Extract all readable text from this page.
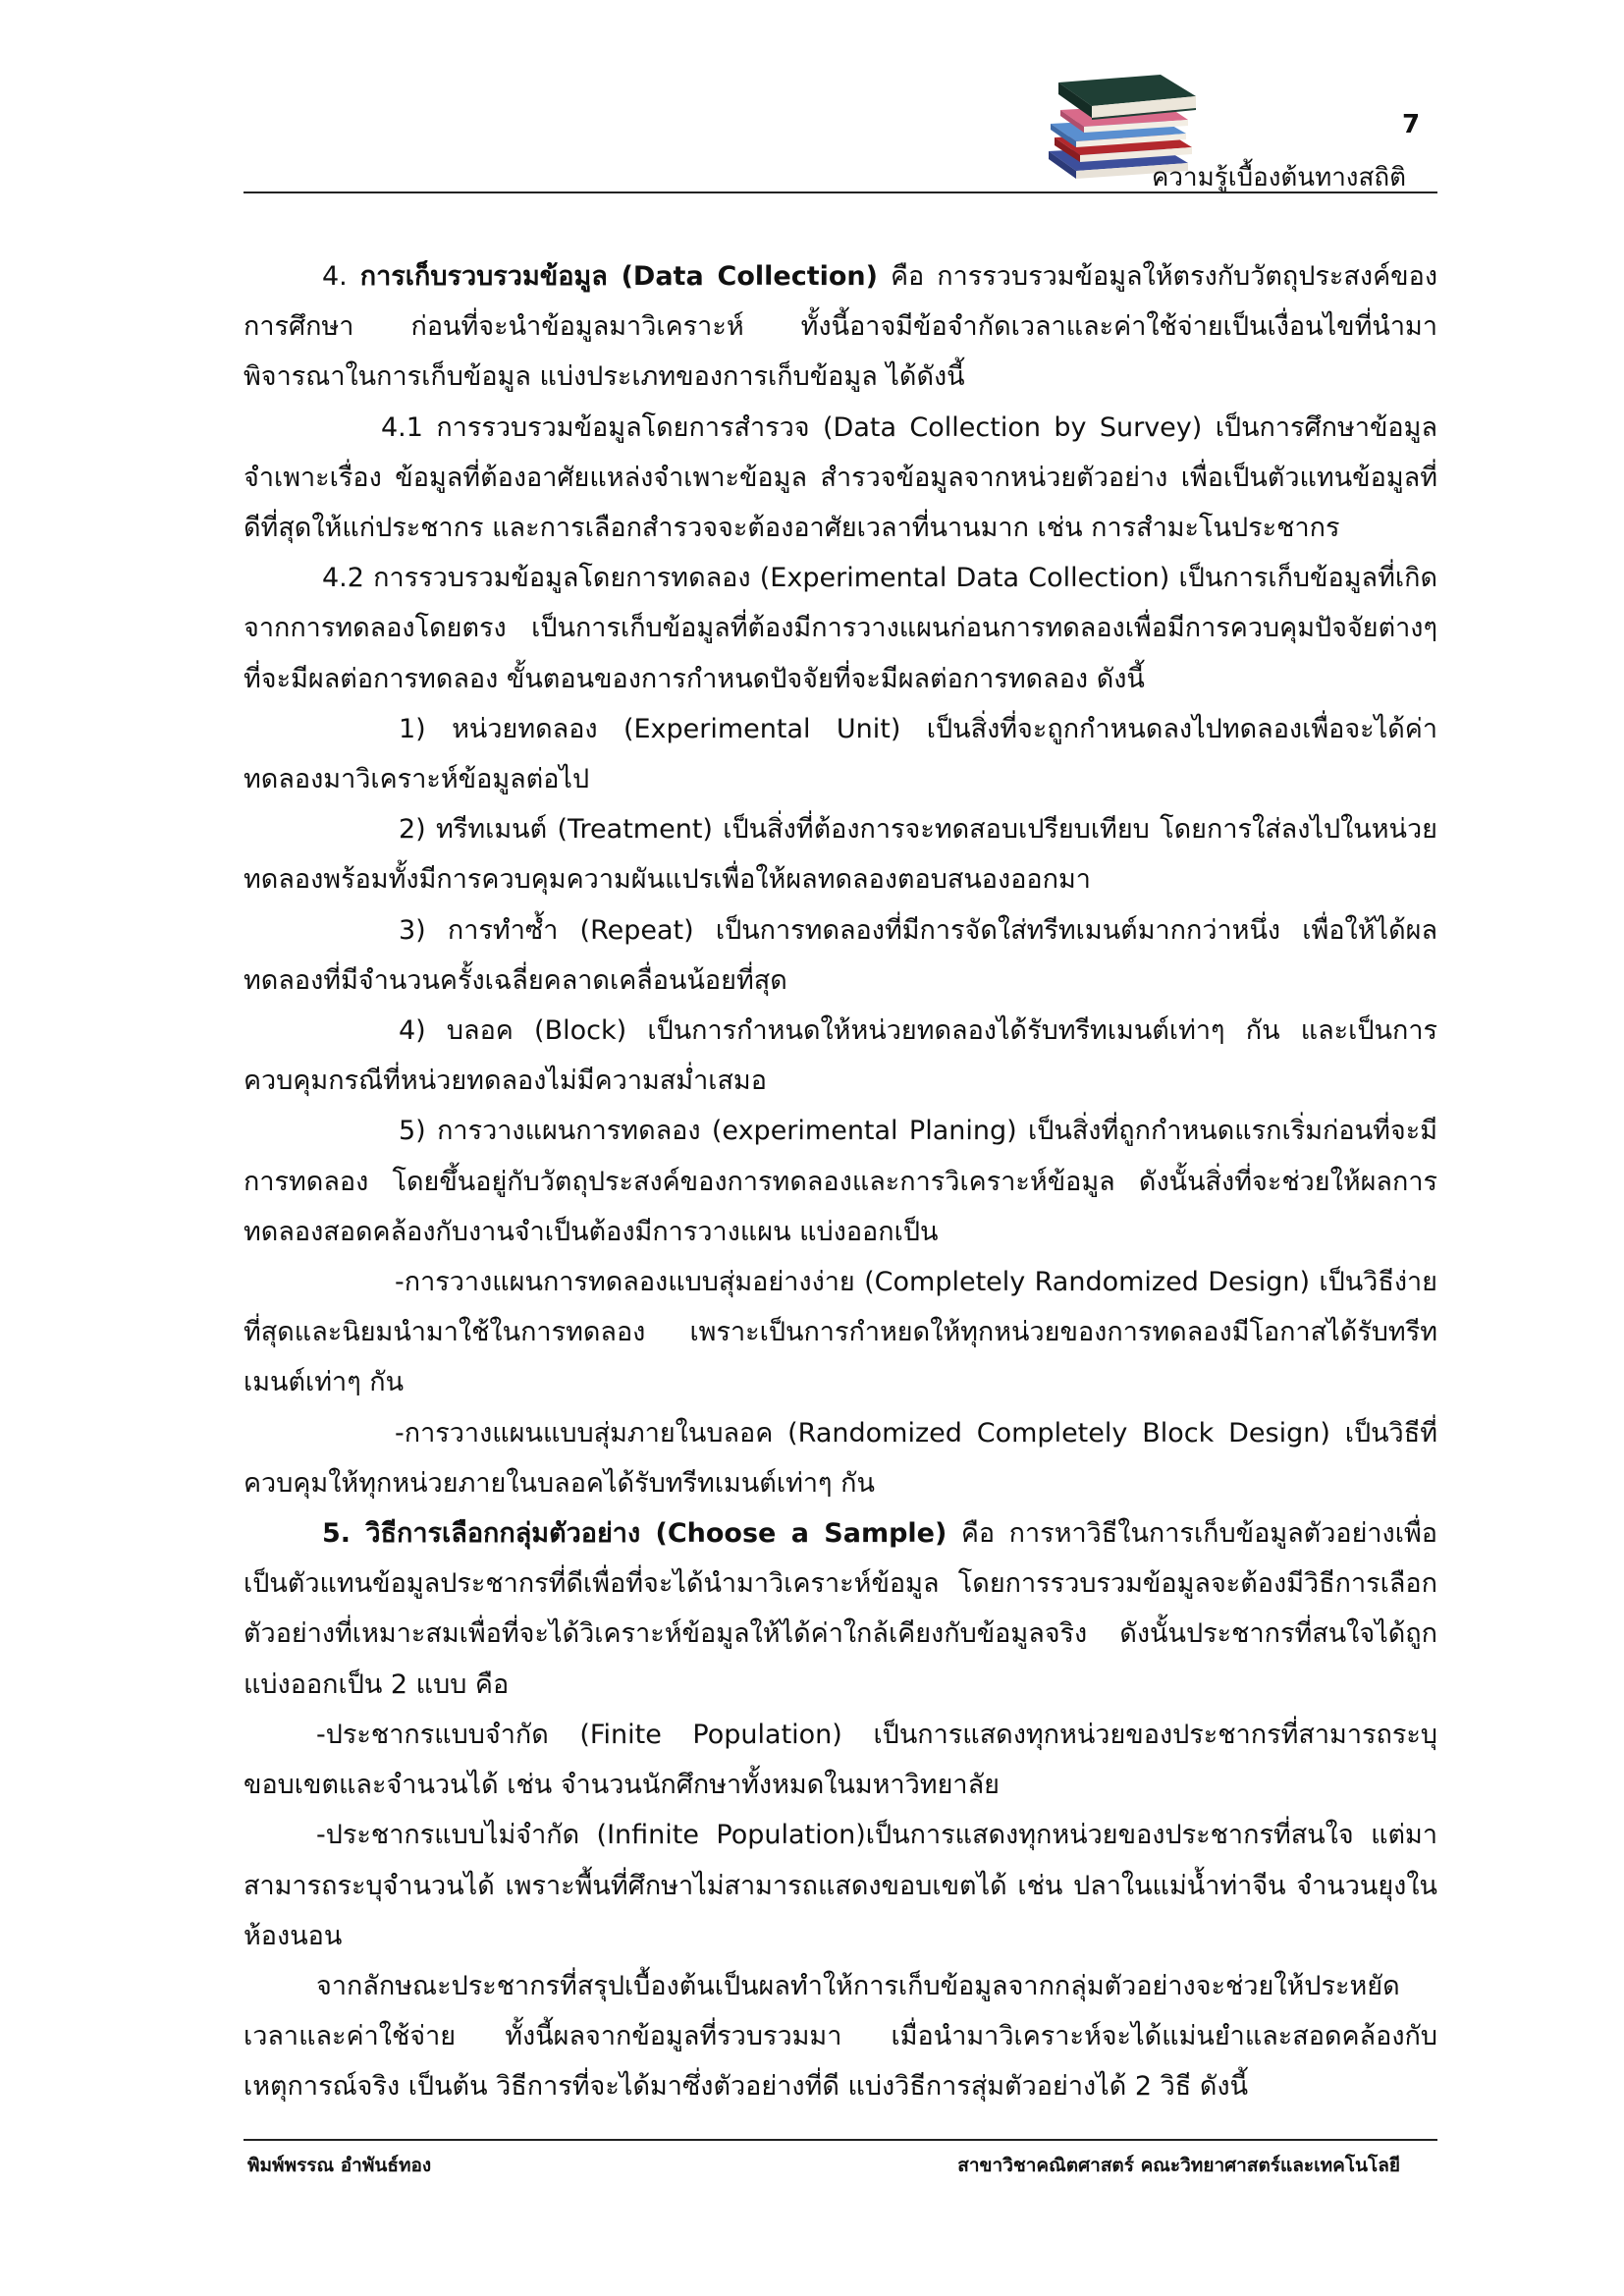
7
ความรู้เบื้องต้นทางสถิติ

4. การเก็บรวบรวมข้อมูล (Data Collection) คือ การรวบรวมข้อมูลให้ตรงกับวัตถุประสงค์ของการศึกษา ก่อนที่จะนำข้อมูลมาวิเคราะห์ ทั้งนี้อาจมีข้อจำกัดเวลาและค่าใช้จ่ายเป็นเงื่อนไขที่นำมาพิจารณาในการเก็บข้อมูล แบ่งประเภทของการเก็บข้อมูล ได้ดังนี้

4.1 การรวบรวมข้อมูลโดยการสำรวจ (Data Collection by Survey) เป็นการศึกษาข้อมูลจำเพาะเรื่อง ข้อมูลที่ต้องอาศัยแหล่งจำเพาะข้อมูล สำรวจข้อมูลจากหน่วยตัวอย่าง เพื่อเป็นตัวแทนข้อมูลที่ดีที่สุดให้แก่ประชากร และการเลือกสำรวจจะต้องอาศัยเวลาที่นานมาก เช่น การสำมะโนประชากร

4.2 การรวบรวมข้อมูลโดยการทดลอง (Experimental Data Collection) เป็นการเก็บข้อมูลที่เกิดจากการทดลองโดยตรง เป็นการเก็บข้อมูลที่ต้องมีการวางแผนก่อนการทดลองเพื่อมีการควบคุมปัจจัยต่างๆ ที่จะมีผลต่อการทดลอง ขั้นตอนของการกำหนดปัจจัยที่จะมีผลต่อการทดลอง ดังนี้

1) หน่วยทดลอง (Experimental Unit) เป็นสิ่งที่จะถูกกำหนดลงไปทดลองเพื่อจะได้ค่าทดลองมาวิเคราะห์ข้อมูลต่อไป

2) ทรีทเมนต์ (Treatment) เป็นสิ่งที่ต้องการจะทดสอบเปรียบเทียบ โดยการใส่ลงไปในหน่วยทดลองพร้อมทั้งมีการควบคุมความผันแปรเพื่อให้ผลทดลองตอบสนองออกมา

3) การทำซ้ำ (Repeat) เป็นการทดลองที่มีการจัดใส่ทรีทเมนต์มากกว่าหนึ่ง เพื่อให้ได้ผลทดลองที่มีจำนวนครั้งเฉลี่ยคลาดเคลื่อนน้อยที่สุด

4) บลอค (Block) เป็นการกำหนดให้หน่วยทดลองได้รับทรีทเมนต์เท่าๆ กัน และเป็นการควบคุมกรณีที่หน่วยทดลองไม่มีความสม่ำเสมอ

5) การวางแผนการทดลอง (experimental Planing) เป็นสิ่งที่ถูกกำหนดแรกเริ่มก่อนที่จะมีการทดลอง โดยขึ้นอยู่กับวัตถุประสงค์ของการทดลองและการวิเคราะห์ข้อมูล ดังนั้นสิ่งที่จะช่วยให้ผลการทดลองสอดคล้องกับงานจำเป็นต้องมีการวางแผน แบ่งออกเป็น

-การวางแผนการทดลองแบบสุ่มอย่างง่าย (Completely Randomized Design) เป็นวิธีง่ายที่สุดและนิยมนำมาใช้ในการทดลอง เพราะเป็นการกำหยดให้ทุกหน่วยของการทดลองมีโอกาสได้รับทรีทเมนต์เท่าๆ กัน

-การวางแผนแบบสุ่มภายในบลอค (Randomized Completely Block Design) เป็นวิธีที่ควบคุมให้ทุกหน่วยภายในบลอคได้รับทรีทเมนต์เท่าๆ กัน

5. วิธีการเลือกกลุ่มตัวอย่าง (Choose a Sample) คือ การหาวิธีในการเก็บข้อมูลตัวอย่างเพื่อเป็นตัวแทนข้อมูลประชากรที่ดีเพื่อที่จะได้นำมาวิเคราะห์ข้อมูล โดยการรวบรวมข้อมูลจะต้องมีวิธีการเลือกตัวอย่างที่เหมาะสมเพื่อที่จะได้วิเคราะห์ข้อมูลให้ได้ค่าใกล้เคียงกับข้อมูลจริง ดังนั้นประชากรที่สนใจได้ถูกแบ่งออกเป็น 2 แบบ คือ

-ประชากรแบบจำกัด (Finite Population) เป็นการแสดงทุกหน่วยของประชากรที่สามารถระบุขอบเขตและจำนวนได้ เช่น จำนวนนักศึกษาทั้งหมดในมหาวิทยาลัย

-ประชากรแบบไม่จำกัด (Infinite Population)เป็นการแสดงทุกหน่วยของประชากรที่สนใจ แต่มาสามารถระบุจำนวนได้ เพราะพื้นที่ศึกษาไม่สามารถแสดงขอบเขตได้ เช่น ปลาในแม่น้ำท่าจีน จำนวนยุงในห้องนอน

จากลักษณะประชากรที่สรุปเบื้องต้นเป็นผลทำให้การเก็บข้อมูลจากกลุ่มตัวอย่างจะช่วยให้ประหยัดเวลาและค่าใช้จ่าย ทั้งนี้ผลจากข้อมูลที่รวบรวมมา เมื่อนำมาวิเคราะห์จะได้แม่นยำและสอดคล้องกับเหตุการณ์จริง เป็นต้น วิธีการที่จะได้มาซึ่งตัวอย่างที่ดี แบ่งวิธีการสุ่มตัวอย่างได้ 2 วิธี ดังนี้

พิมพ์พรรณ อำพันธ์ทอง	สาขาวิชาคณิตศาสตร์ คณะวิทยาศาสตร์และเทคโนโลยี
